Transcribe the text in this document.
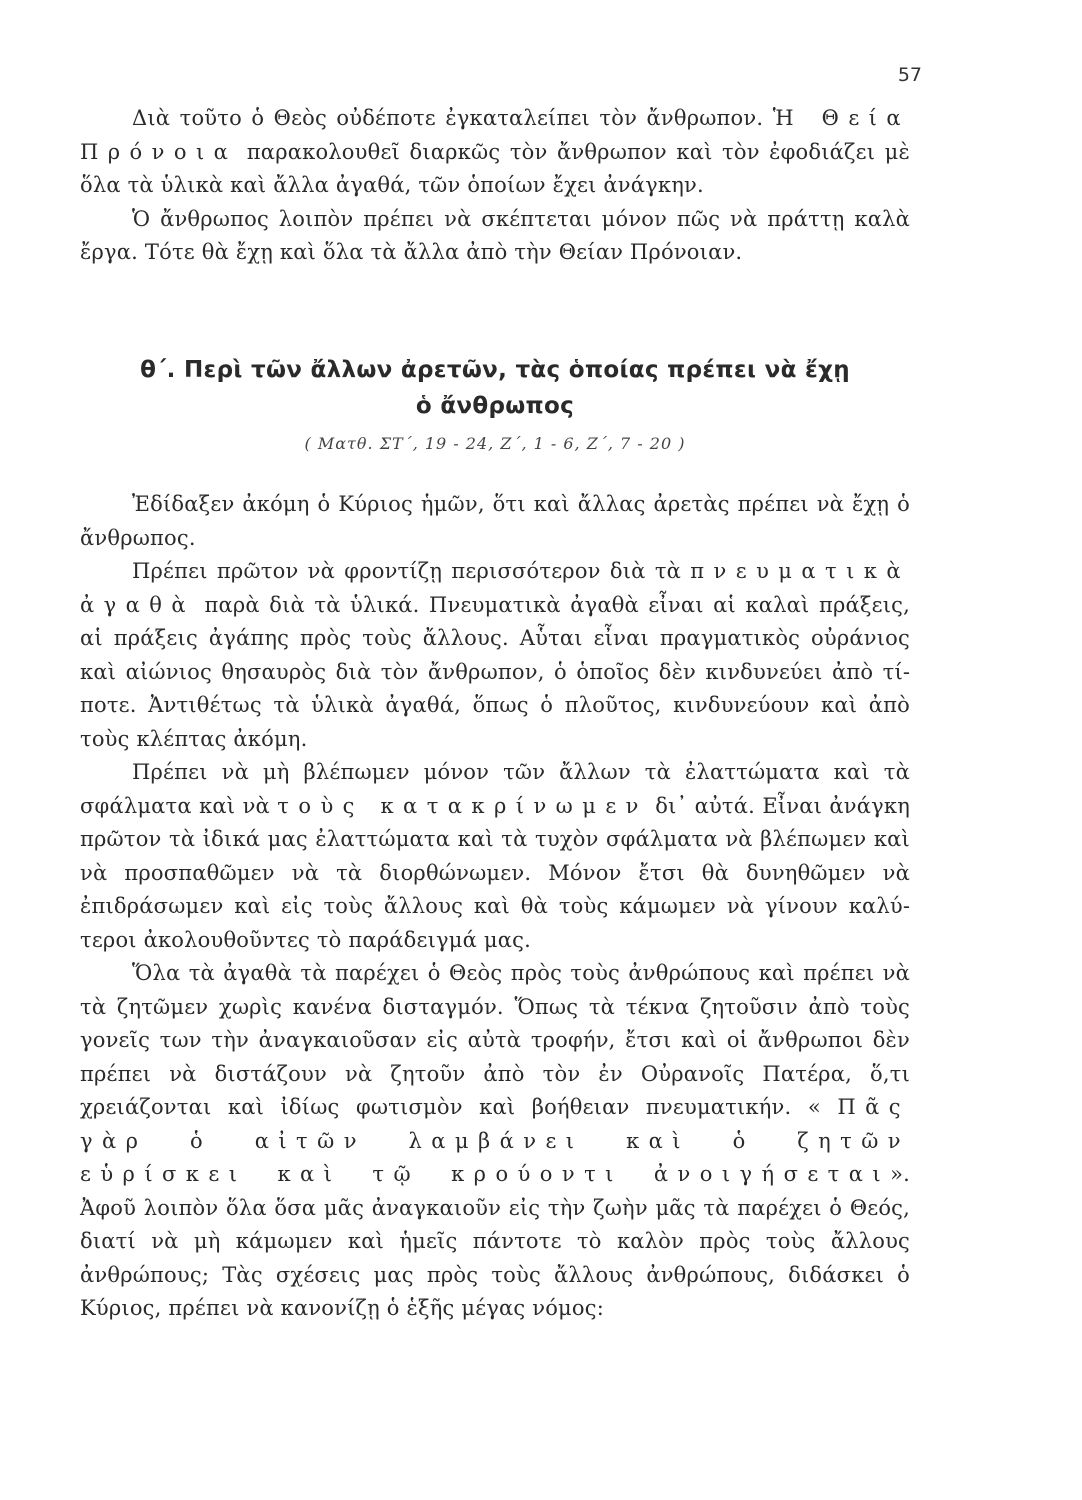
57

Διὰ τοῦτο ὁ Θεὸς οὐδέποτε ἐγκαταλείπει τὸν ἄνθρωπον. Ἡ Θεία Πρόνοια παρακολουθεῖ διαρκῶς τὸν ἄνθρωπον καὶ τὸν ἐφοδιάζει μὲ ὅλα τὰ ὑλικὰ καὶ ἄλλα ἀγαθά, τῶν ὁποίων ἔχει ἀνάγκην.

Ὁ ἄνθρωπος λοιπὸν πρέπει νὰ σκέπτεται μόνον πῶς νὰ πράττῃ καλὰ ἔργα. Τότε θὰ ἔχῃ καὶ ὅλα τὰ ἄλλα ἀπὸ τὴν Θείαν Πρόνοιαν.

θ΄. Περὶ τῶν ἄλλων ἀρετῶν, τὰς ὁποίας πρέπει νὰ ἔχῃ
ὁ ἄνθρωπος
( Ματθ. ΣΤ΄, 19 - 24, Ζ΄, 1 - 6, Ζ΄, 7 - 20 )

Ἐδίδαξεν ἀκόμη ὁ Κύριος ἡμῶν, ὅτι καὶ ἄλλας ἀρετὰς πρέπει νὰ ἔχῃ ὁ ἄνθρωπος.

Πρέπει πρῶτον νὰ φροντίζῃ περισσότερον διὰ τὰ πνευματικὰ ἀγαθὰ παρὰ διὰ τὰ ὑλικά. Πνευματικὰ ἀγαθὰ εἶναι αἱ καλαὶ πράξεις, αἱ πράξεις ἀγάπης πρὸς τοὺς ἄλλους. Αὗται εἶναι πραγματικὸς οὐράνιος καὶ αἰώνιος θησαυρὸς διὰ τὸν ἄνθρωπον, ὁ ὁποῖος δὲν κινδυνεύει ἀπὸ τίποτε. Ἀντιθέτως τὰ ὑλικὰ ἀγαθά, ὅπως ὁ πλοῦτος, κινδυνεύουν καὶ ἀπὸ τοὺς κλέπτας ἀκόμη.

Πρέπει νὰ μὴ βλέπωμεν μόνον τῶν ἄλλων τὰ ἐλαττώματα καὶ τὰ σφάλματα καὶ νὰ τοὺς κατακρίνωμεν δι᾽ αὐτά. Εἶναι ἀνάγκη πρῶτον τὰ ἰδικά μας ἐλαττώματα καὶ τὰ τυχὸν σφάλματα νὰ βλέπωμεν καὶ νὰ προσπαθῶμεν νὰ τὰ διορθώνωμεν. Μόνον ἔτσι θὰ δυνηθῶμεν νὰ ἐπιδράσωμεν καὶ εἰς τοὺς ἄλλους καὶ θὰ τοὺς κάμωμεν νὰ γίνουν καλύτεροι ἀκολουθοῦντες τὸ παράδειγμά μας.

Ὅλα τὰ ἀγαθὰ τὰ παρέχει ὁ Θεὸς πρὸς τοὺς ἀνθρώπους καὶ πρέπει νὰ τὰ ζητῶμεν χωρὶς κανένα δισταγμόν. Ὅπως τὰ τέκνα ζητοῦσιν ἀπὸ τοὺς γονεῖς των τὴν ἀναγκαιοῦσαν εἰς αὐτὰ τροφήν, ἔτσι καὶ οἱ ἄνθρωποι δὲν πρέπει νὰ διστάζουν νὰ ζητοῦν ἀπὸ τὸν ἐν Οὐρανοῖς Πατέρα, ὅ,τι χρειάζονται καὶ ἰδίως φωτισμὸν καὶ βοήθειαν πνευματικήν. « Πᾶς γὰρ ὁ αἰτῶν λαμβάνει καὶ ὁ ζητῶν εὑρίσκει καὶ τῷ κρούοντι ἀνοιγήσεται». Ἀφοῦ λοιπὸν ὅλα ὅσα μᾶς ἀναγκαιοῦν εἰς τὴν ζωὴν μᾶς τὰ παρέχει ὁ Θεός, διατί νὰ μὴ κάμωμεν καὶ ἡμεῖς πάντοτε τὸ καλὸν πρὸς τοὺς ἄλλους ἀνθρώπους; Τὰς σχέσεις μας πρὸς τοὺς ἄλλους ἀνθρώπους, διδάσκει ὁ Κύριος, πρέπει νὰ κανονίζῃ ὁ ἑξῆς μέγας νόμος:
